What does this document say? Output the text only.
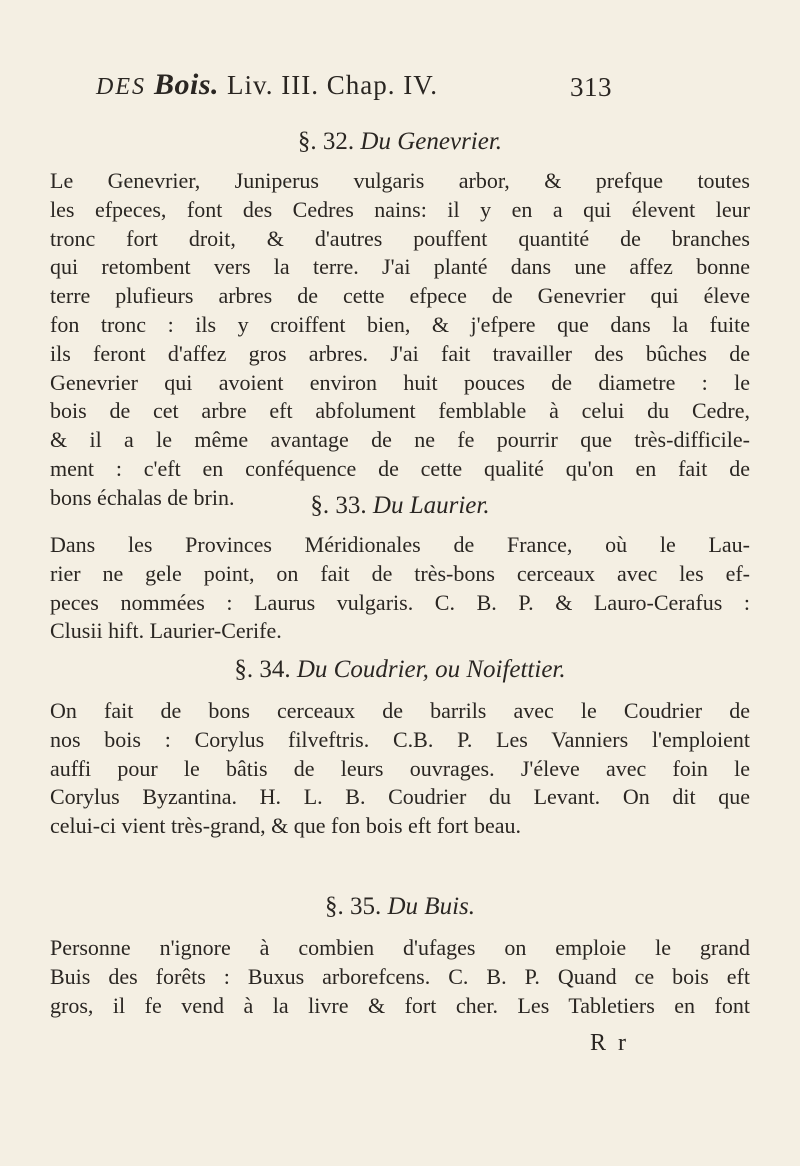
DES Bois. Liv. III. Chap. IV.	313
§. 32. Du Genevrier.
Le Genevrier, Juniperus vulgaris arbor, & prefque toutes
les efpeces, font des Cedres nains: il y en a qui élevent leur
tronc fort droit, & d'autres pouffent quantité de branches
qui retombent vers la terre. J'ai planté dans une affez bonne
terre plufieurs arbres de cette efpece de Genevrier qui éleve
fon tronc : ils y croiffent bien, & j'efpere que dans la fuite
ils feront d'affez gros arbres. J'ai fait travailler des bûches de
Genevrier qui avoient environ huit pouces de diametre : le
bois de cet arbre eft abfolument femblable à celui du Cedre,
& il a le même avantage de ne fe pourrir que très-difficile-
ment : c'eft en conféquence de cette qualité qu'on en fait de
bons échalas de brin.	§. 33. Du Laurier.
Dans les Provinces Méridionales de France, où le Lau-
rier ne gele point, on fait de très-bons cerceaux avec les ef-
peces nommées : Laurus vulgaris. C. B. P. & Lauro-Cerafus :
Clusii hift. Laurier-Cerife.
§. 34. Du Coudrier, ou Noifettier.
On fait de bons cerceaux de barrils avec le Coudrier de
nos bois : Corylus filveftris. C.B. P. Les Vanniers l'emploient
auffi pour le bâtis de leurs ouvrages. J'éleve avec foin le
Corylus Byzantina. H. L. B. Coudrier du Levant. On dit que
celui-ci vient très-grand, & que fon bois eft fort beau.
§. 35. Du Buis.
Personne n'ignore à combien d'ufages on emploie le grand
Buis des forêts : Buxus arborefcens. C. B. P. Quand ce bois eft
gros, il fe vend à la livre & fort cher. Les Tabletiers en font
R r
